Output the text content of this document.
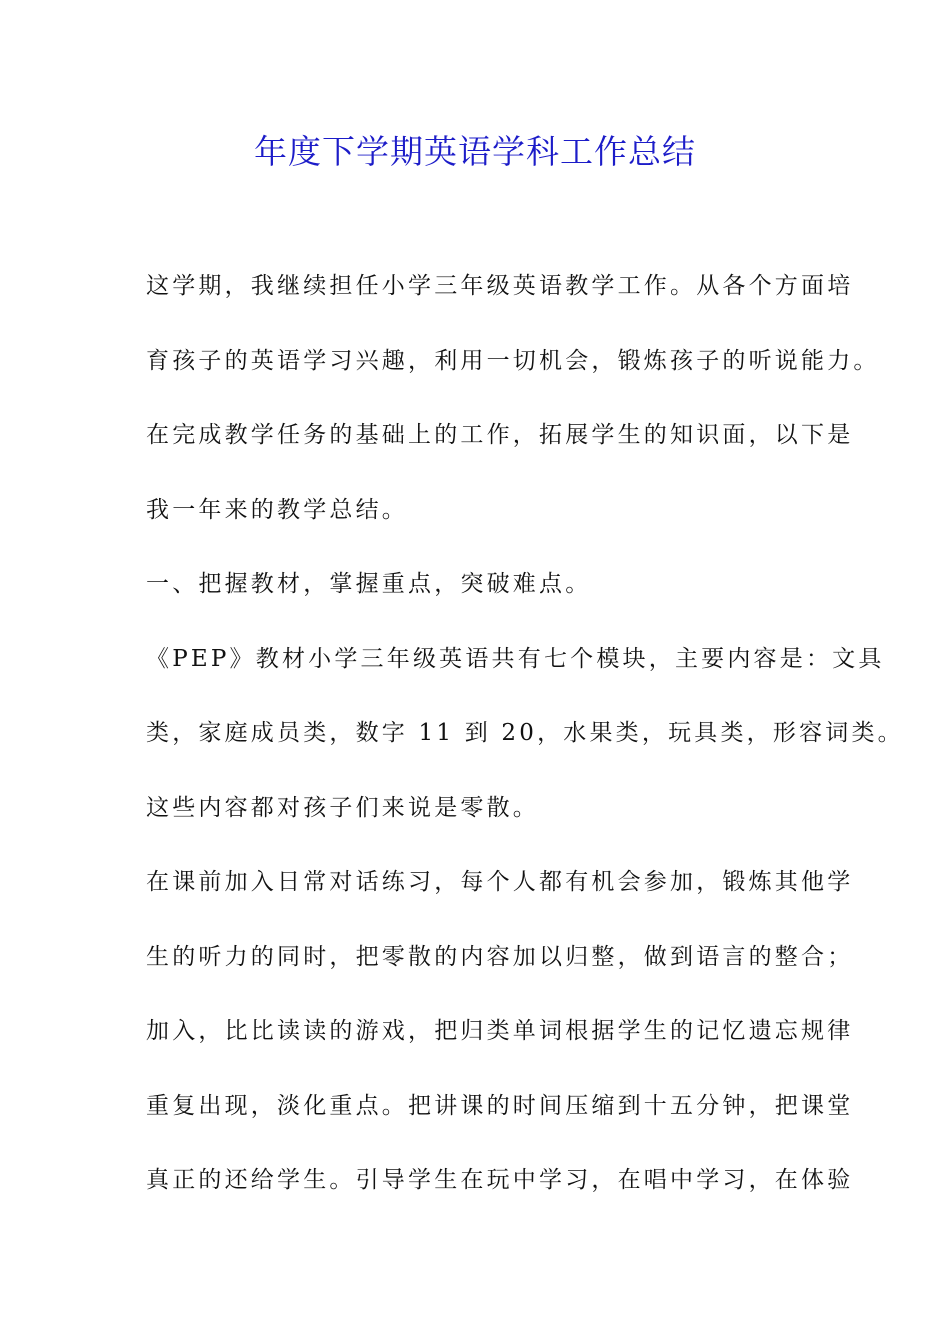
年度下学期英语学科工作总结
这学期，我继续担任小学三年级英语教学工作。从各个方面培
育孩子的英语学习兴趣，利用一切机会，锻炼孩子的听说能力。
在完成教学任务的基础上的工作，拓展学生的知识面，以下是
我一年来的教学总结。
一、把握教材，掌握重点，突破难点。
《PEP》教材小学三年级英语共有七个模块，主要内容是：文具
类，家庭成员类，数字 11 到 20，水果类，玩具类，形容词类。
这些内容都对孩子们来说是零散。
在课前加入日常对话练习，每个人都有机会参加，锻炼其他学
生的听力的同时，把零散的内容加以归整，做到语言的整合；
加入，比比读读的游戏，把归类单词根据学生的记忆遗忘规律
重复出现，淡化重点。把讲课的时间压缩到十五分钟，把课堂
真正的还给学生。引导学生在玩中学习，在唱中学习，在体验
